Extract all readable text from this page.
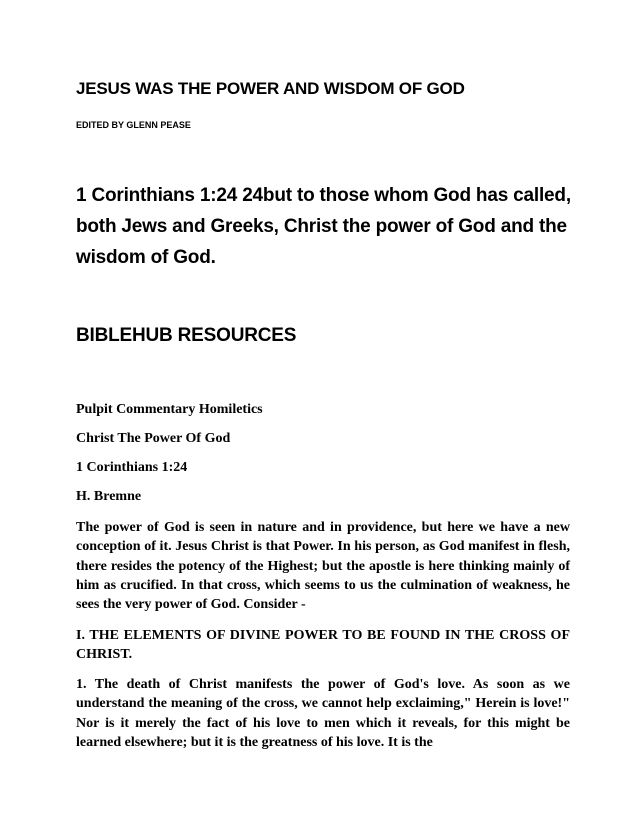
JESUS WAS THE POWER AND WISDOM OF GOD

EDITED BY GLENN PEASE

1 Corinthians 1:24 24but to those whom God has called, both Jews and Greeks, Christ the power of God and the wisdom of God.

BIBLEHUB RESOURCES

Pulpit Commentary Homiletics

Christ The Power Of God

1 Corinthians 1:24

H. Bremne

The power of God is seen in nature and in providence, but here we have a new conception of it. Jesus Christ is that Power. In his person, as God manifest in flesh, there resides the potency of the Highest; but the apostle is here thinking mainly of him as crucified. In that cross, which seems to us the culmination of weakness, he sees the very power of God. Consider -

I. THE ELEMENTS OF DIVINE POWER TO BE FOUND IN THE CROSS OF CHRIST.

1. The death of Christ manifests the power of God's love. As soon as we understand the meaning of the cross, we cannot help exclaiming," Herein is love!" Nor is it merely the fact of his love to men which it reveals, for this might be learned elsewhere; but it is the greatness of his love. It is the
